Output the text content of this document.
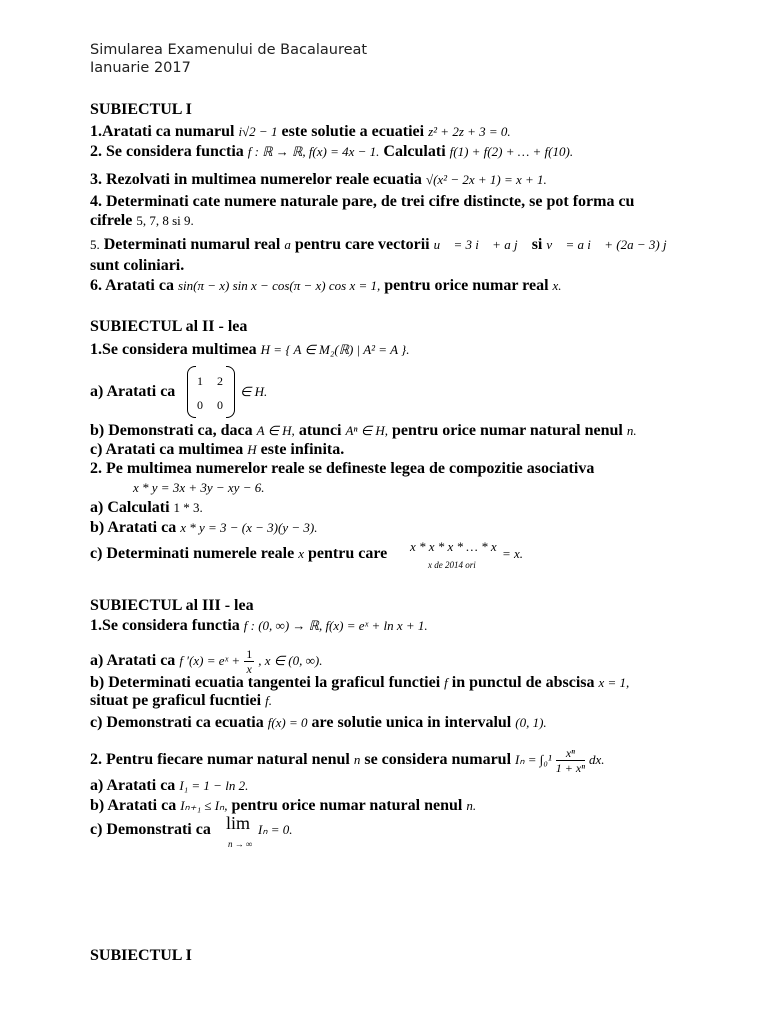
Simularea Examenului de Bacalaureat
Ianuarie 2017
SUBIECTUL I
1.Aratati ca numarul i√2 − 1 este solutie a ecuatiei z² + 2z + 3 = 0.
2. Se considera functia f : ℝ → ℝ, f(x) = 4x − 1. Calculati f(1) + f(2) + … + f(10).
3. Rezolvati in multimea numerelor reale ecuatia √(x² − 2x + 1) = x + 1.
4. Determinati cate numere naturale pare, de trei cifre distincte, se pot forma cu
cifrele 5, 7, 8 si 9.
5. Determinati numarul real a pentru care vectorii u⃗ = 3 i⃗ + a j⃗ si v⃗ = a i⃗ + (2a − 3) j⃗
sunt coliniari.
6. Aratati ca sin(π − x) sin x − cos(π − x) cos x = 1, pentru orice numar real x.
SUBIECTUL al II - lea
1.Se considera multimea H = { A ∈ M₂(ℝ) | A² = A }.
a) Aratati ca
1 2
0 0
∈ H.
b) Demonstrati ca, daca A ∈ H, atunci Aⁿ ∈ H, pentru orice numar natural nenul n.
c) Aratati ca multimea H este infinita.
2. Pe multimea numerelor reale se defineste legea de compozitie asociativa
x * y = 3x + 3y − xy − 6.
a) Calculati 1 * 3.
b) Aratati ca x * y = 3 − (x − 3)(y − 3).
c) Determinati numerele reale x pentru care x * x * x * … * x
x de 2014 ori
= x.
SUBIECTUL al III - lea
1.Se considera functia f : (0, ∞) → ℝ, f(x) = eˣ + ln x + 1.
a) Aratati ca f ′(x) = eˣ + $\frac{1}{x}$ , x ∈ (0, ∞).
b) Determinati ecuatia tangentei la graficul functiei f in punctul de abscisa x = 1,
situat pe graficul fucntiei f.
c) Demonstrati ca ecuatia f(x) = 0 are solutie unica in intervalul (0, 1).
2. Pentru fiecare numar natural nenul n se considera numarul $I_n = \int_0^1 \frac{\text{xⁿ}}{\text{1 + xⁿ}}$ dx.
a) Aratati ca I₁ = 1 − ln 2.
b) Aratati ca Iₙ₊₁ ≤ Iₙ, pentru orice numar natural nenul n.
c) Demonstrati ca lim
n → ∞
Iₙ = 0.
SUBIECTUL I
